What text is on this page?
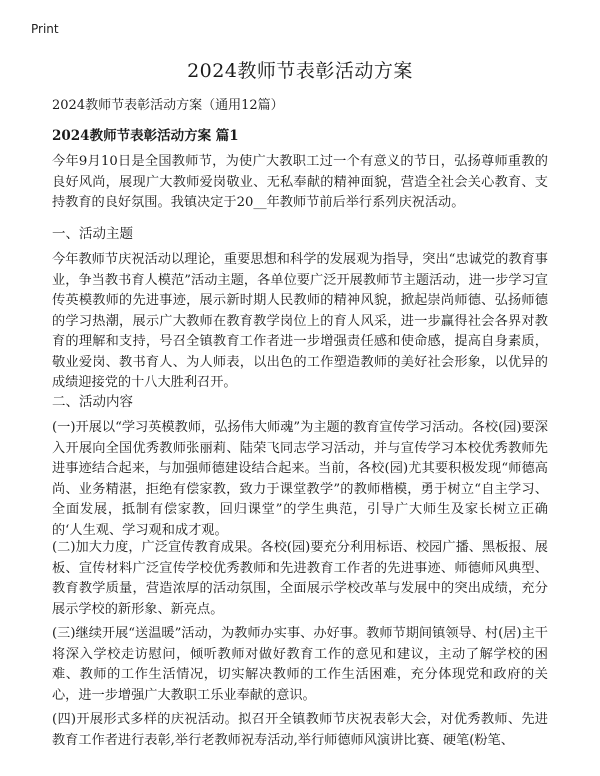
Print
2024教师节表彰活动方案

2024教师节表彰活动方案（通用12篇）

2024教师节表彰活动方案 篇1

今年9月10日是全国教师节，为使广大教职工过一个有意义的节日，弘扬尊师重教的良好风尚，展现广大教师爱岗敬业、无私奉献的精神面貌，营造全社会关心教育、支持教育的良好氛围。我镇决定于20__年教师节前后举行系列庆祝活动。

一、活动主题

今年教师节庆祝活动以理论，重要思想和科学的发展观为指导，突出“忠诚党的教育事业，争当教书育人模范”活动主题，各单位要广泛开展教师节主题活动，进一步学习宣传英模教师的先进事迹，展示新时期人民教师的精神风貌，掀起崇尚师德、弘扬师德的学习热潮，展示广大教师在教育教学岗位上的育人风采，进一步赢得社会各界对教育的理解和支持，号召全镇教育工作者进一步增强责任感和使命感，提高自身素质，敬业爱岗、教书育人、为人师表，以出色的工作塑造教师的美好社会形象，以优异的成绩迎接党的十八大胜利召开。

二、活动内容

(一)开展以“学习英模教师，弘扬伟大师魂”为主题的教育宣传学习活动。各校(园)要深入开展向全国优秀教师张丽莉、陆荣飞同志学习活动，并与宣传学习本校优秀教师先进事迹结合起来，与加强师德建设结合起来。当前，各校(园)尤其要积极发现“师德高尚、业务精湛，拒绝有偿家教，致力于课堂教学”的教师楷模，勇于树立“自主学习、全面发展，抵制有偿家教，回归课堂”的学生典范，引导广大师生及家长树立正确的‘人生观、学习观和成才观。

(二)加大力度，广泛宣传教育成果。各校(园)要充分利用标语、校园广播、黑板报、展板、宣传材料广泛宣传学校优秀教师和先进教育工作者的先进事迹、师德师风典型、教育教学质量，营造浓厚的活动氛围，全面展示学校改革与发展中的突出成绩，充分展示学校的新形象、新亮点。

(三)继续开展“送温暖”活动，为教师办实事、办好事。教师节期间镇领导、村(居)主干将深入学校走访慰问，倾听教师对做好教育工作的意见和建议，主动了解学校的困难、教师的工作生活情况，切实解决教师的工作生活困难，充分体现党和政府的关心，进一步增强广大教职工乐业奉献的意识。

(四)开展形式多样的庆祝活动。拟召开全镇教师节庆祝表彰大会，对优秀教师、先进教育工作者进行表彰,举行老教师祝寿活动,举行师德师风演讲比赛、硬笔(粉笔、
